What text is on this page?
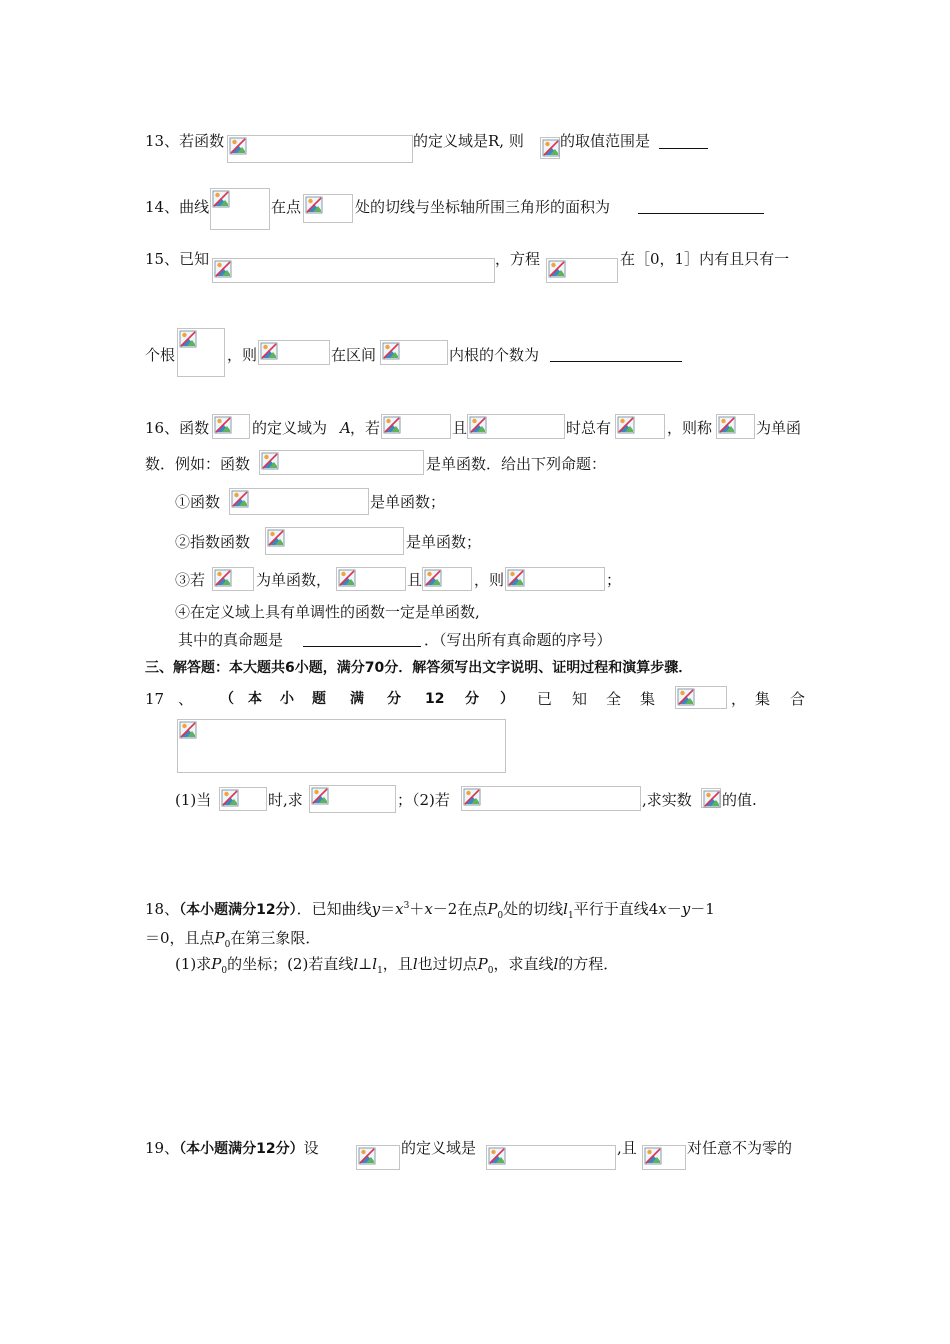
13、若函数	的定义域是R, 则 的取值范围是
14、曲线	在点	处的切线与坐标轴所围三角形的面积为
15、已知	，方程	在［0，1］内有且只有一
个根	，则	在区间	内根的个数为
16、函数	的定义域为 A ，若	且	时总有	，则称	为单函
数．例如：函数	是单函数．给出下列命题：
①函数	是单函数；
②指数函数	是单函数；
③若	为单函数，	且	，则	；
④在定义域上具有单调性的函数一定是单函数,
其中的真命题是	．（写出所有真命题的序号）
三、解答题：本大题共6小题，满分70分．解答须写出文字说明、证明过程和演算步骤．
17 、 （ 本 小 题 满 分 12 分 ） 已 知 全 集	， 集 合
(1)当	时,求	；（2)若	,求实数 的值.
18、（本小题满分12分）．已知曲线$y=x^3+x-2$在点$P_0$处的切线$l_1$平行于直线4x－y－1
＝0，且点$P_0$在第三象限．
(1)求$P_0$的坐标；(2)若直线$l\perp l_1$，且l也过切点$P_0$，求直线l的方程．
19、（本小题满分12分）设	的定义域是	,且	对任意不为零的
